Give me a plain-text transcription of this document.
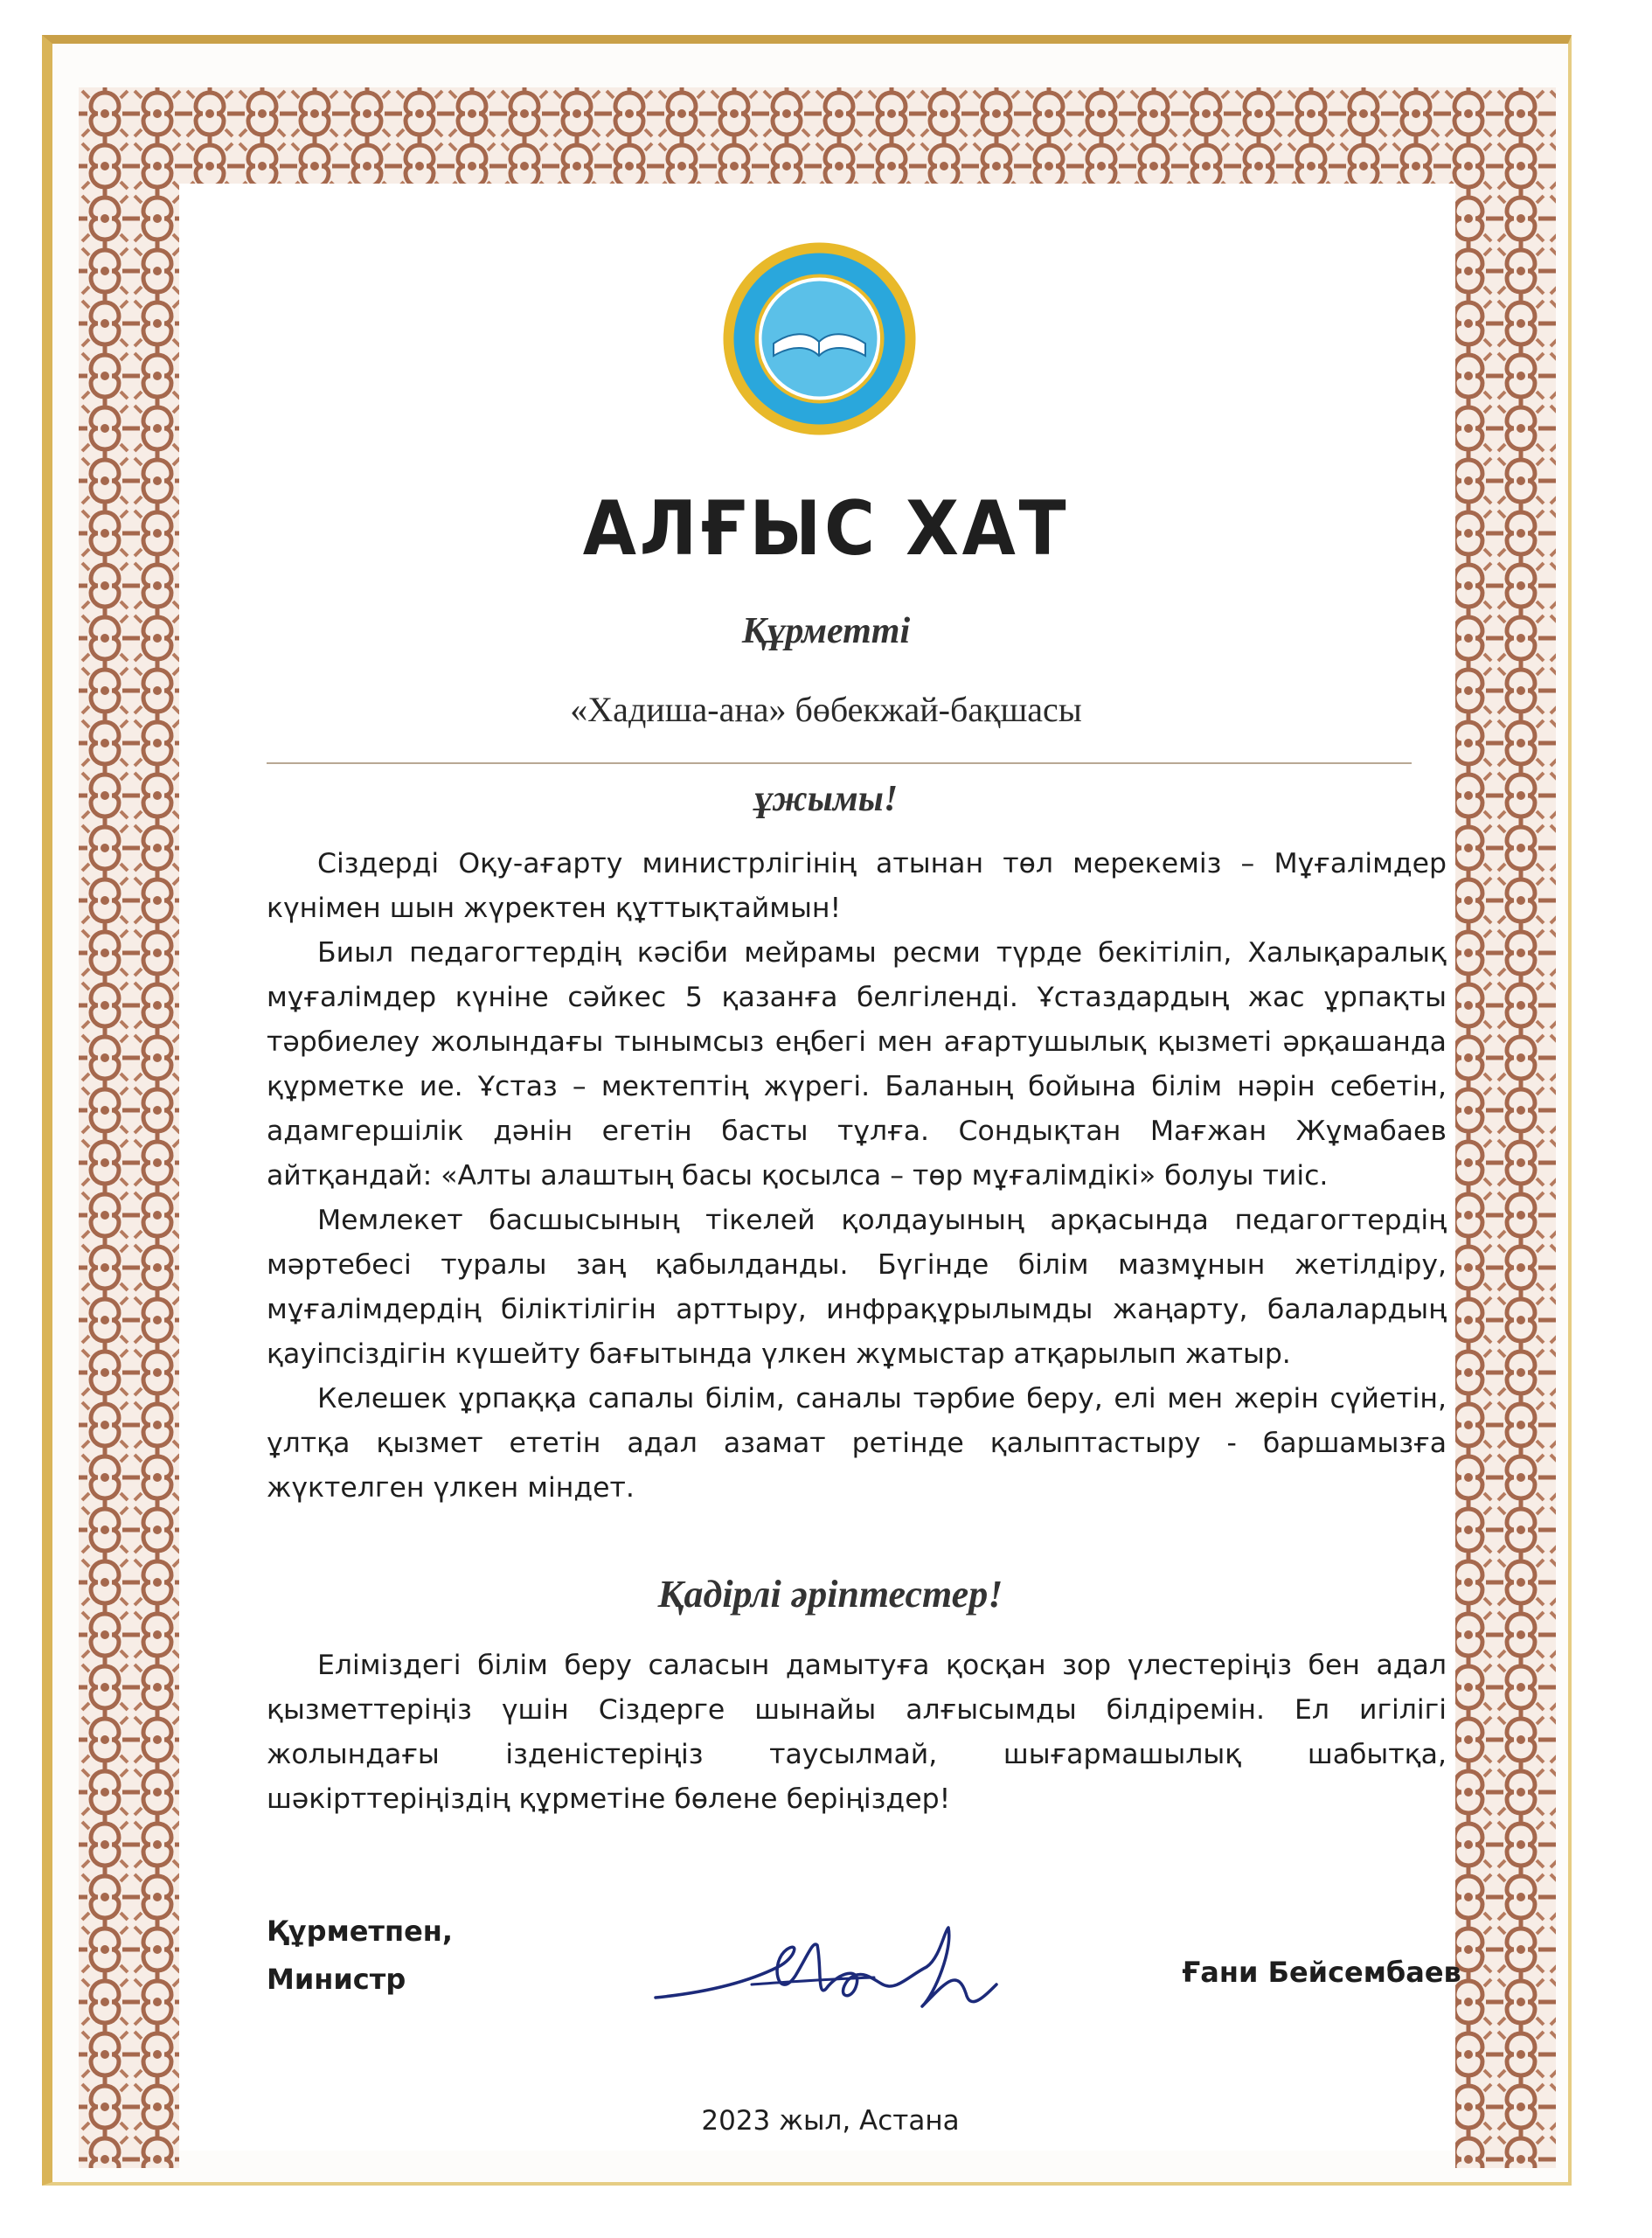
АЛҒЫС ХАТ
Құрметті
«Хадиша-ана» бөбекжай-бақшасы
ұжымы!

Сіздерді Оқу-ағарту министрлігінің атынан төл мерекеміз – Мұғалімдер күнімен шын жүректен құттықтаймын!

Биыл педагогтердің кәсіби мейрамы ресми түрде бекітіліп, Халықаралық мұғалімдер күніне сәйкес 5 қазанға белгіленді. Ұстаздардың жас ұрпақты тәрбиелеу жолындағы тынымсыз еңбегі мен ағартушылық қызметі әрқашанда құрметке ие. Ұстаз – мектептің жүрегі. Баланың бойына білім нәрін себетін, адамгершілік дәнін егетін басты тұлға. Сондықтан Мағжан Жұмабаев айтқандай: «Алты алаштың басы қосылса – төр мұғалімдікі» болуы тиіс.

Мемлекет басшысының тікелей қолдауының арқасында педагогтердің мәртебесі туралы заң қабылданды. Бүгінде білім мазмұнын жетілдіру, мұғалімдердің біліктілігін арттыру, инфрақұрылымды жаңарту, балалардың қауіпсіздігін күшейту бағытында үлкен жұмыстар атқарылып жатыр.

Келешек ұрпаққа сапалы білім, саналы тәрбие беру, елі мен жерін сүйетін, ұлтқа қызмет ететін адал азамат ретінде қалыптастыру - баршамызға жүктелген үлкен міндет.

Қадірлі әріптестер!

Еліміздегі білім беру саласын дамытуға қосқан зор үлестеріңіз бен адал қызметтеріңіз үшін Сіздерге шынайы алғысымды білдіремін. Ел игілігі жолындағы ізденістеріңіз таусылмай, шығармашылық шабытқа, шәкірттеріңіздің құрметіне бөлене беріңіздер!

Құрметпен,
Министр	Ғани Бейсембаев
2023 жыл, Астана
